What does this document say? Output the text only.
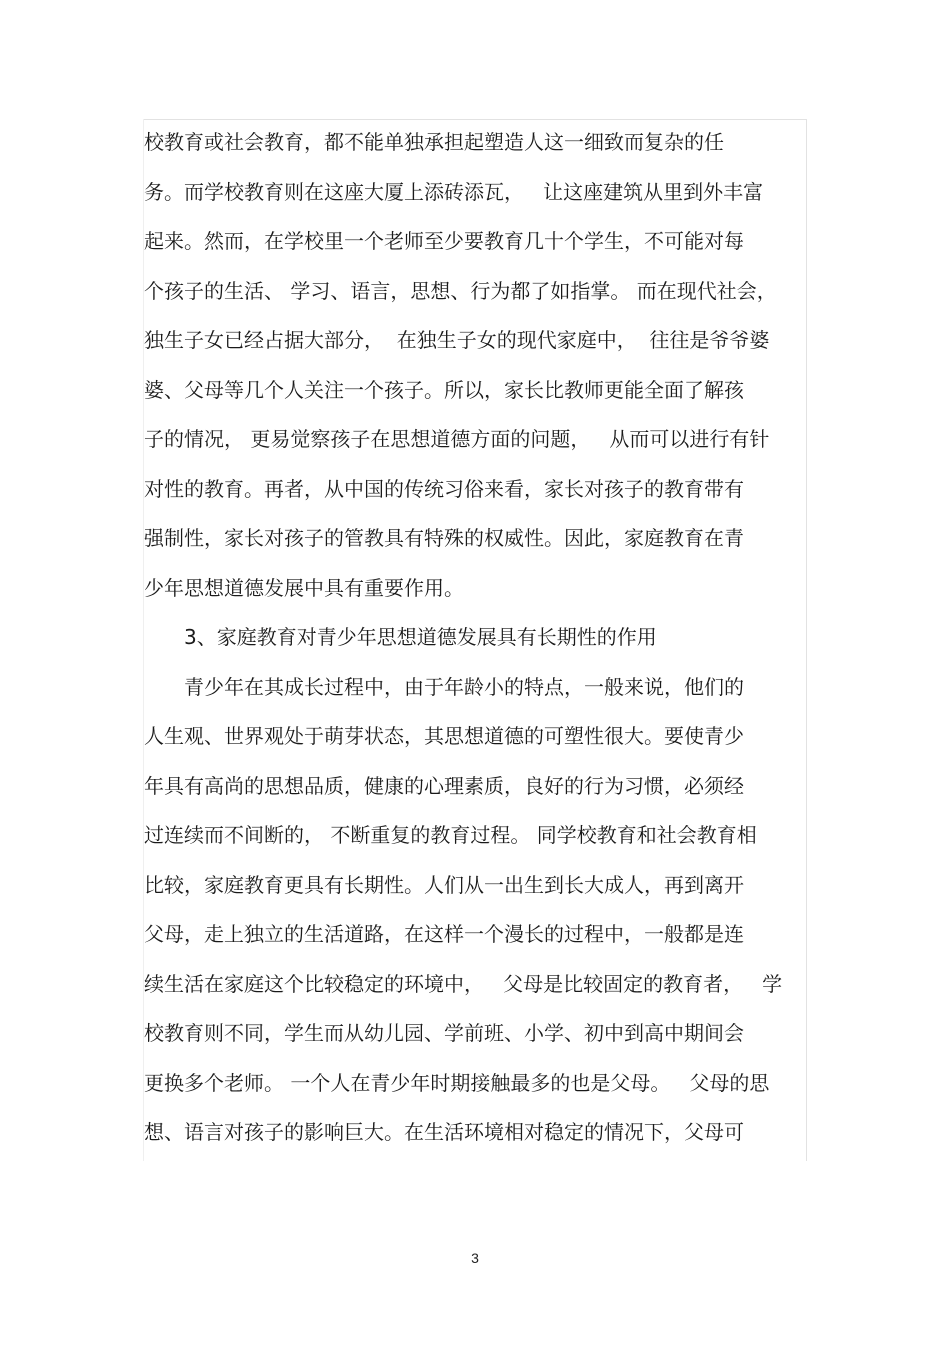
校教育或社会教育，都不能单独承担起塑造人这一细致而复杂的任
务。而学校教育则在这座大厦上添砖添瓦，   让这座建筑从里到外丰富
起来。然而，在学校里一个老师至少要教育几十个学生，不可能对每
个孩子的生活、 学习、语言，思想、行为都了如指掌。 而在现代社会，
独生子女已经占据大部分，  在独生子女的现代家庭中，  往往是爷爷婆
婆、父母等几个人关注一个孩子。所以，家长比教师更能全面了解孩
子的情况， 更易觉察孩子在思想道德方面的问题，   从而可以进行有针
对性的教育。再者，从中国的传统习俗来看，家长对孩子的教育带有
强制性，家长对孩子的管教具有特殊的权威性。因此，家庭教育在青
少年思想道德发展中具有重要作用。
3、家庭教育对青少年思想道德发展具有长期性的作用
青少年在其成长过程中，由于年龄小的特点，一般来说，他们的
人生观、世界观处于萌芽状态，其思想道德的可塑性很大。要使青少
年具有高尚的思想品质，健康的心理素质，良好的行为习惯，必须经
过连续而不间断的， 不断重复的教育过程。 同学校教育和社会教育相
比较，家庭教育更具有长期性。人们从一出生到长大成人，再到离开
父母，走上独立的生活道路，在这样一个漫长的过程中，一般都是连
续生活在家庭这个比较稳定的环境中，   父母是比较固定的教育者，   学
校教育则不同，学生而从幼儿园、学前班、小学、初中到高中期间会
更换多个老师。 一个人在青少年时期接触最多的也是父母。   父母的思
想、语言对孩子的影响巨大。在生活环境相对稳定的情况下，父母可
3
